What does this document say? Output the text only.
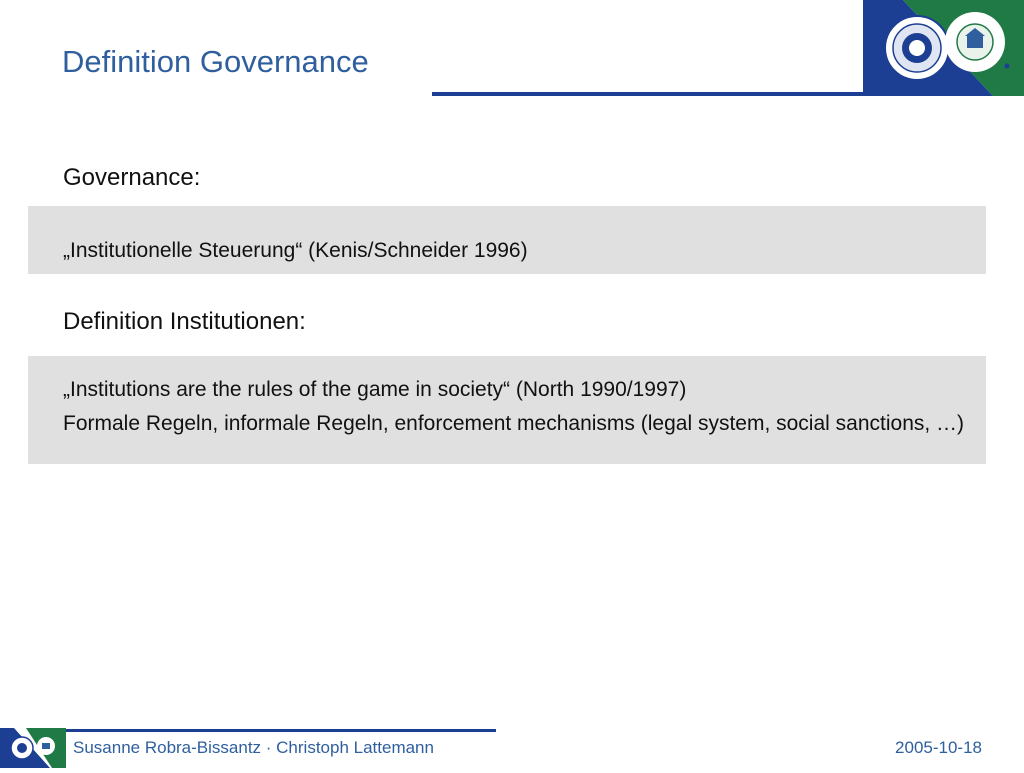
Definition Governance
Governance:
„Institutionelle Steuerung“ (Kenis/Schneider 1996)
Definition Institutionen:
„Institutions are the rules of the game in society“ (North 1990/1997)
Formale Regeln, informale Regeln, enforcement mechanisms (legal system, social sanctions, …)
Susanne Robra-Bissantz · Christoph Lattemann	2005-10-18
